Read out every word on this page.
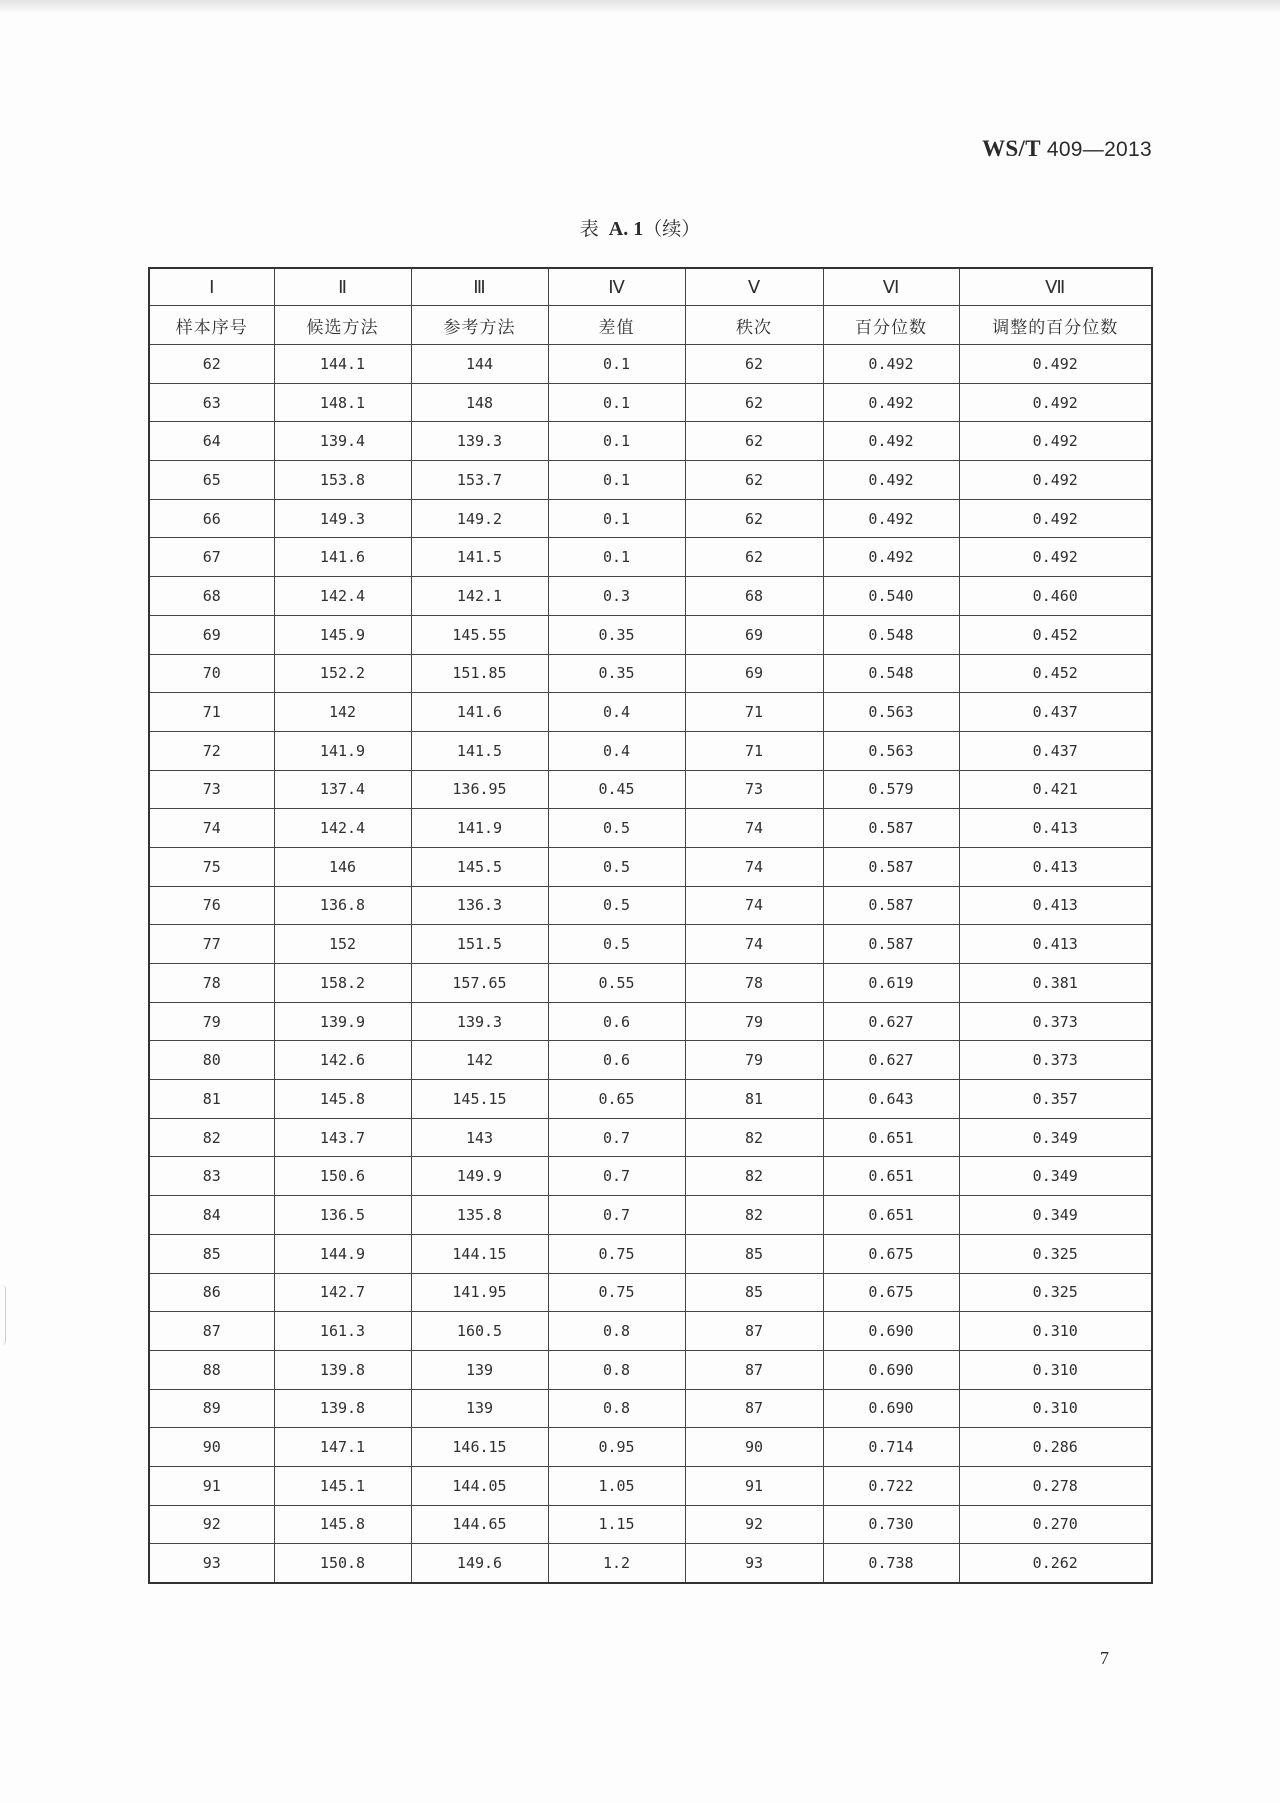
WS/T 409—2013
表 A. 1（续）
Ⅰ	Ⅱ	Ⅲ	Ⅳ	Ⅴ	Ⅵ	Ⅶ
样本序号	候选方法	参考方法	差值	秩次	百分位数	调整的百分位数
62	144.1	144	0.1	62	0.492	0.492
63	148.1	148	0.1	62	0.492	0.492
64	139.4	139.3	0.1	62	0.492	0.492
65	153.8	153.7	0.1	62	0.492	0.492
66	149.3	149.2	0.1	62	0.492	0.492
67	141.6	141.5	0.1	62	0.492	0.492
68	142.4	142.1	0.3	68	0.540	0.460
69	145.9	145.55	0.35	69	0.548	0.452
70	152.2	151.85	0.35	69	0.548	0.452
71	142	141.6	0.4	71	0.563	0.437
72	141.9	141.5	0.4	71	0.563	0.437
73	137.4	136.95	0.45	73	0.579	0.421
74	142.4	141.9	0.5	74	0.587	0.413
75	146	145.5	0.5	74	0.587	0.413
76	136.8	136.3	0.5	74	0.587	0.413
77	152	151.5	0.5	74	0.587	0.413
78	158.2	157.65	0.55	78	0.619	0.381
79	139.9	139.3	0.6	79	0.627	0.373
80	142.6	142	0.6	79	0.627	0.373
81	145.8	145.15	0.65	81	0.643	0.357
82	143.7	143	0.7	82	0.651	0.349
83	150.6	149.9	0.7	82	0.651	0.349
84	136.5	135.8	0.7	82	0.651	0.349
85	144.9	144.15	0.75	85	0.675	0.325
86	142.7	141.95	0.75	85	0.675	0.325
87	161.3	160.5	0.8	87	0.690	0.310
88	139.8	139	0.8	87	0.690	0.310
89	139.8	139	0.8	87	0.690	0.310
90	147.1	146.15	0.95	90	0.714	0.286
91	145.1	144.05	1.05	91	0.722	0.278
92	145.8	144.65	1.15	92	0.730	0.270
93	150.8	149.6	1.2	93	0.738	0.262
7
